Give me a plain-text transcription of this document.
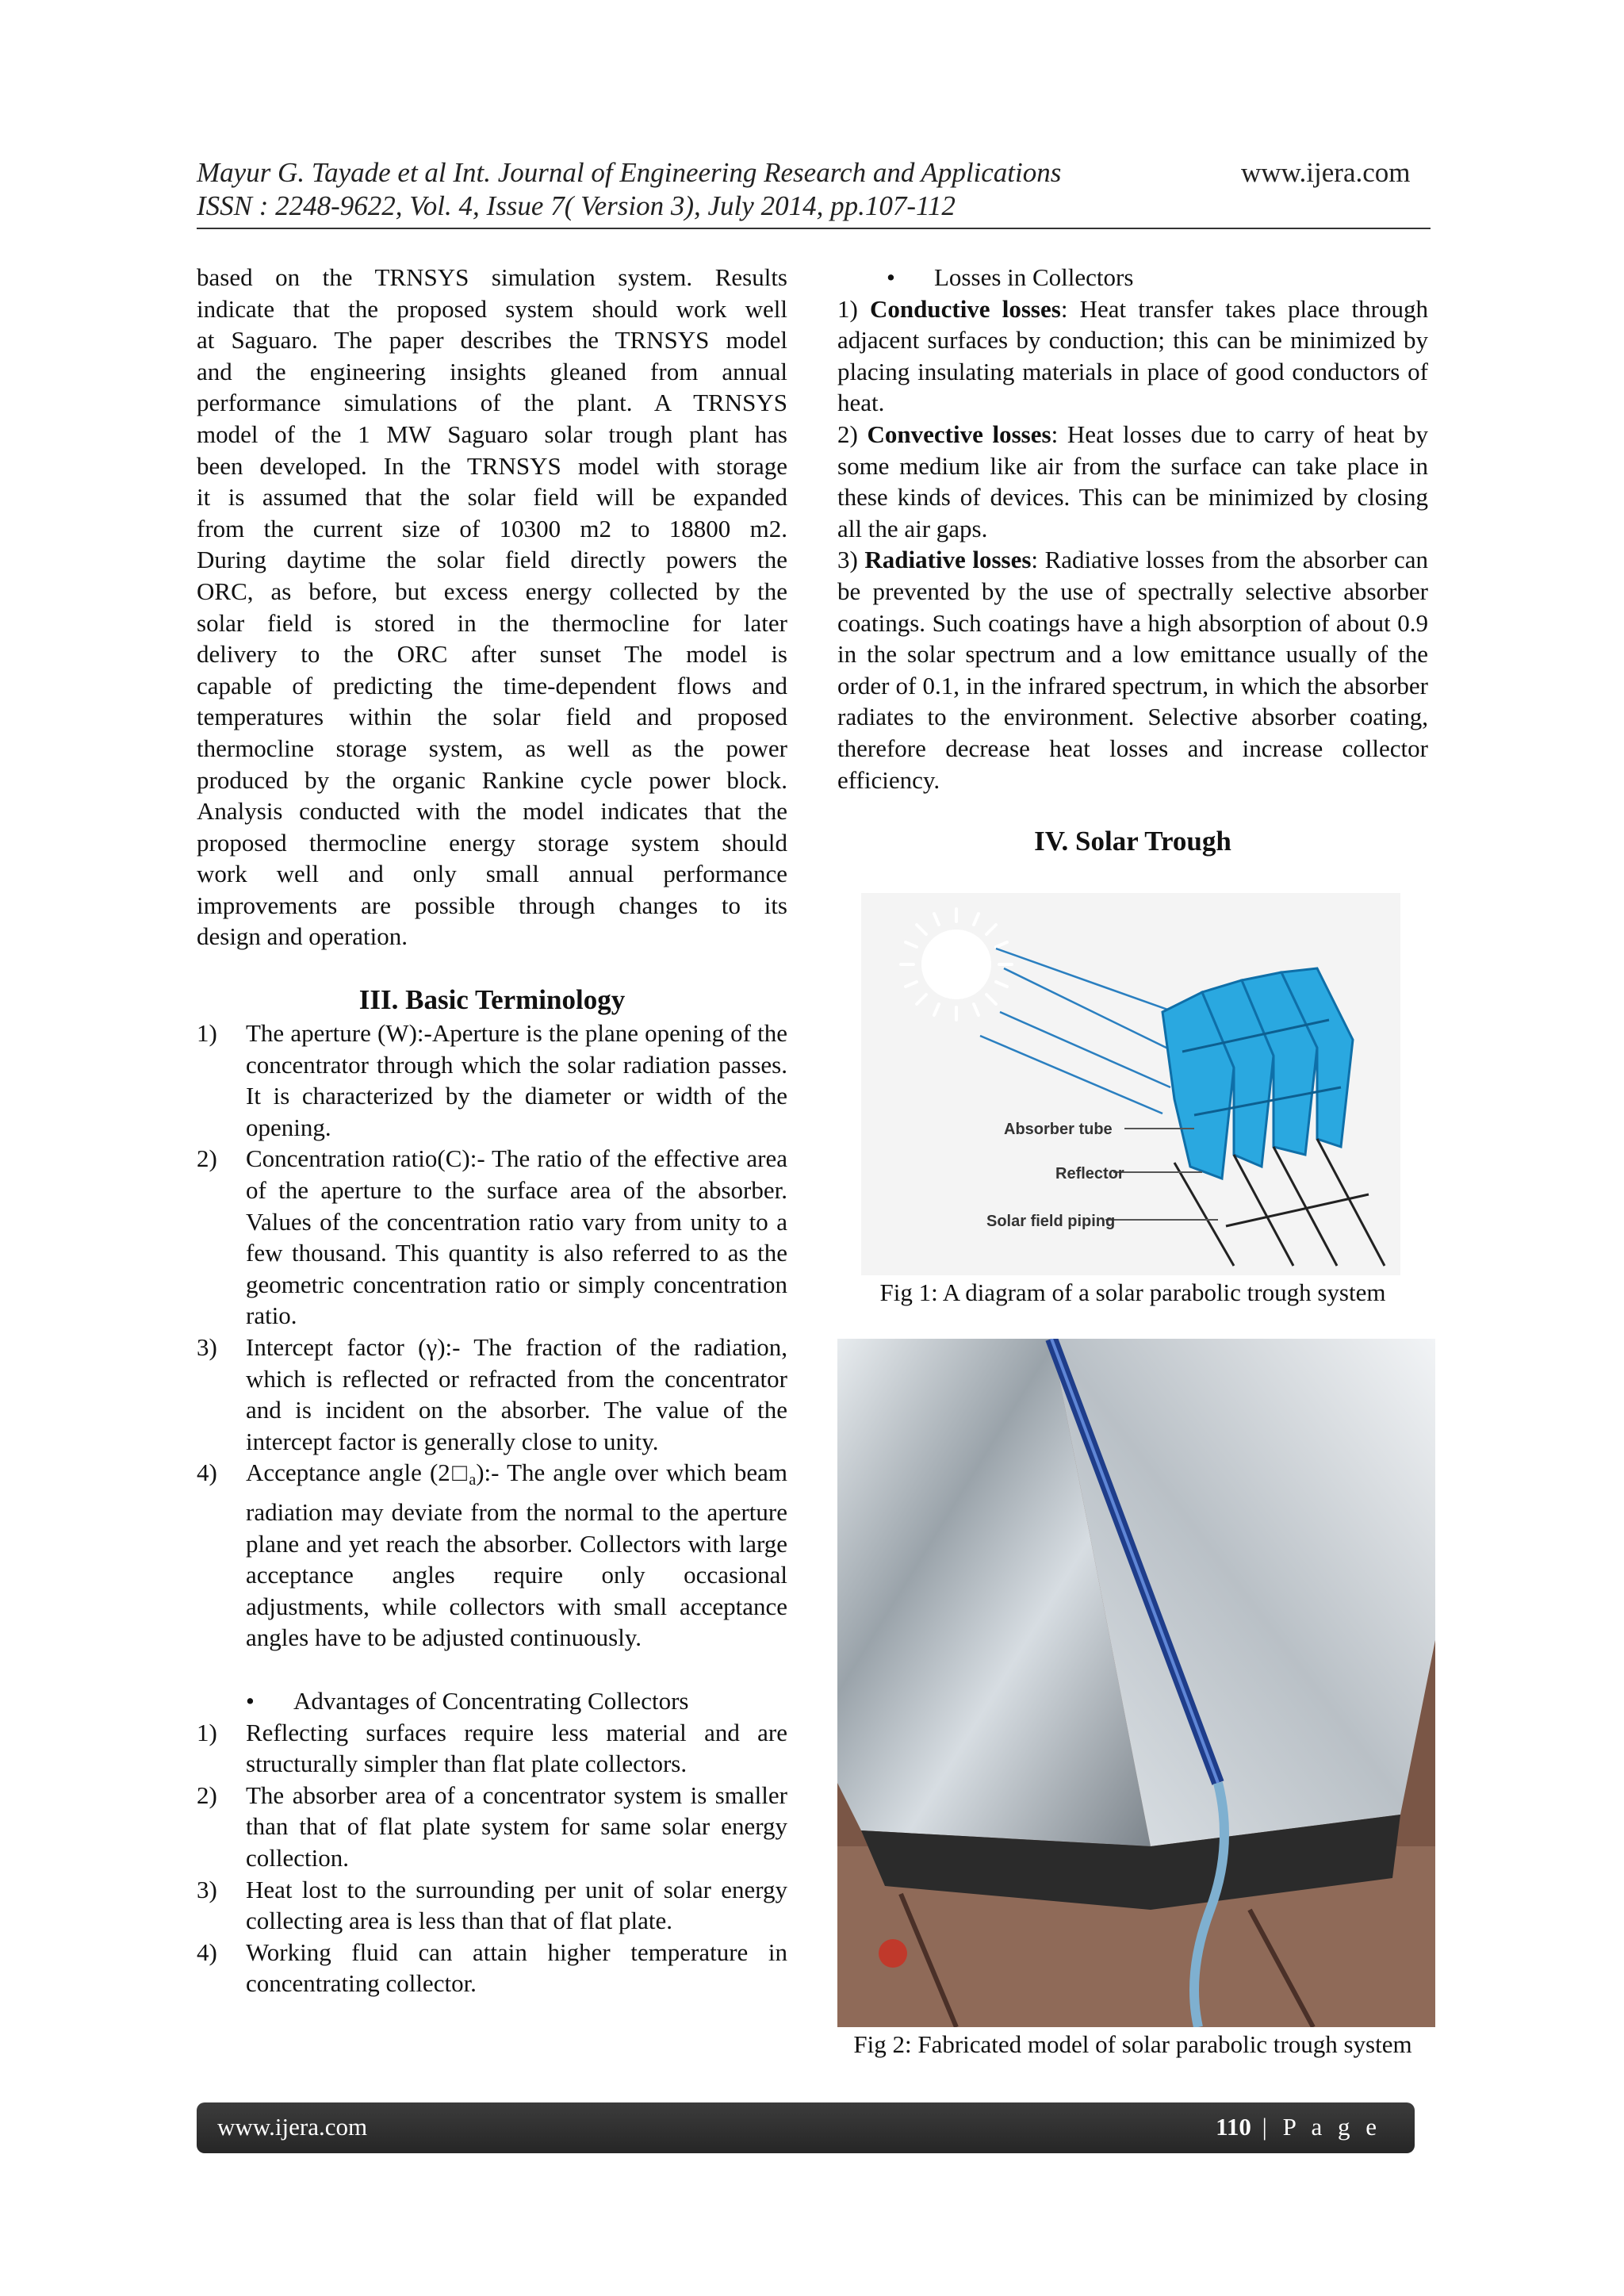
Mayur G. Tayade et al Int. Journal of Engineering Research and Applications	www.ijera.com
ISSN : 2248-9622, Vol. 4, Issue 7( Version 3), July 2014, pp.107-112
based on the TRNSYS simulation system. Results
indicate that the proposed system should work well
at Saguaro. The paper describes the TRNSYS model
and the engineering insights gleaned from annual
performance simulations of the plant. A TRNSYS
model of the 1 MW Saguaro solar trough plant has
been developed. In the TRNSYS model with storage
it is assumed that the solar field will be expanded
from the current size of 10300 m2 to 18800 m2.
During daytime the solar field directly powers the
ORC, as before, but excess energy collected by the
solar field is stored in the thermocline for later
delivery to the ORC after sunset The model is
capable of predicting the time-dependent flows and
temperatures within the solar field and proposed
thermocline storage system, as well as the power
produced by the organic Rankine cycle power block.
Analysis conducted with the model indicates that the
proposed thermocline energy storage system should
work well and only small annual performance
improvements are possible through changes to its
design and operation.
III. Basic Terminology
1) The aperture (W):-Aperture is the plane opening of the concentrator through which the solar radiation passes. It is characterized by the diameter or width of the opening.
2) Concentration ratio(C):- The ratio of the effective area of the aperture to the surface area of the absorber. Values of the concentration ratio vary from unity to a few thousand. This quantity is also referred to as the geometric concentration ratio or simply concentration ratio.
3) Intercept factor (γ):- The fraction of the radiation, which is reflected or refracted from the concentrator and is incident on the absorber. The value of the intercept factor is generally close to unity.
4) Acceptance angle $(2□_a):-$ The angle over which beam radiation may deviate from the normal to the aperture plane and yet reach the absorber. Collectors with large acceptance angles require only occasional adjustments, while collectors with small acceptance angles have to be adjusted continuously.
• Advantages of Concentrating Collectors
1) Reflecting surfaces require less material and are structurally simpler than flat plate collectors.
2) The absorber area of a concentrator system is smaller than that of flat plate system for same solar energy collection.
3) Heat lost to the surrounding per unit of solar energy collecting area is less than that of flat plate.
4) Working fluid can attain higher temperature in concentrating collector.
• Losses in Collectors
1) Conductive losses: Heat transfer takes place through adjacent surfaces by conduction; this can be minimized by placing insulating materials in place of good conductors of heat.
2) Convective losses: Heat losses due to carry of heat by some medium like air from the surface can take place in these kinds of devices. This can be minimized by closing all the air gaps.
3) Radiative losses: Radiative losses from the absorber can be prevented by the use of spectrally selective absorber coatings. Such coatings have a high absorption of about 0.9 in the solar spectrum and a low emittance usually of the order of 0.1, in the infrared spectrum, in which the absorber radiates to the environment. Selective absorber coating, therefore decrease heat losses and increase collector efficiency.
IV. Solar Trough
Absorber tube
Reflector
Solar field piping
Fig 1: A diagram of a solar parabolic trough system
Fig 2: Fabricated model of solar parabolic trough system
www.ijera.com	110 | P a g e
